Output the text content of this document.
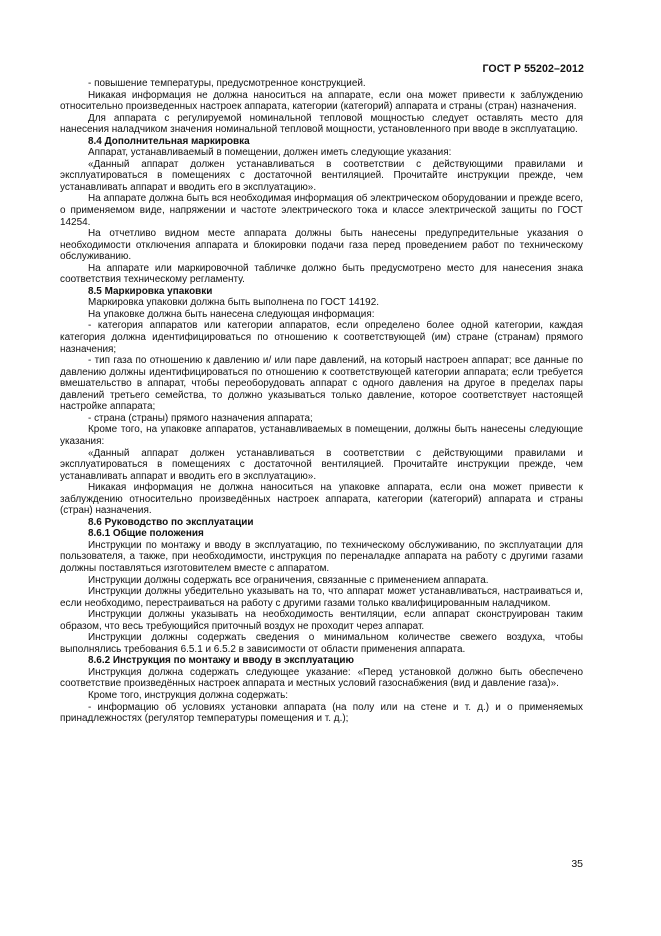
ГОСТ Р 55202–2012

- повышение температуры, предусмотренное конструкцией.

Никакая информация не должна наноситься на аппарате, если она может привести к заблуждению относительно произведенных настроек аппарата, категории (категорий) аппарата и страны (стран) назначения.

Для аппарата с регулируемой номинальной тепловой мощностью следует оставлять место для нанесения наладчиком значения номинальной тепловой мощности, установленного при вводе в эксплуатацию.

8.4 Дополнительная маркировка

Аппарат, устанавливаемый в помещении, должен иметь следующие указания:

«Данный аппарат должен устанавливаться в соответствии с действующими правилами и эксплуатироваться в помещениях с достаточной вентиляцией. Прочитайте инструкции прежде, чем устанавливать аппарат и вводить его в эксплуатацию».

На аппарате должна быть вся необходимая информация об электрическом оборудовании и прежде всего, о применяемом виде, напряжении и частоте электрического тока и классе электрической защиты по ГОСТ 14254.

На отчетливо видном месте аппарата должны быть нанесены предупредительные указания о необходимости отключения аппарата и блокировки подачи газа перед проведением работ по техническому обслуживанию.

На аппарате или маркировочной табличке должно быть предусмотрено место для нанесения знака соответствия техническому регламенту.

8.5 Маркировка упаковки

Маркировка упаковки должна быть выполнена по ГОСТ 14192.

На упаковке должна быть нанесена следующая информация:

- категория аппаратов или категории аппаратов, если определено более одной категории, каждая категория должна идентифицироваться по отношению к соответствующей (им) стране (странам) прямого назначения;

- тип газа по отношению к давлению и/ или паре давлений, на который настроен аппарат; все данные по давлению должны идентифицироваться по отношению к соответствующей категории аппарата; если требуется вмешательство в аппарат, чтобы переоборудовать аппарат с одного давления на другое в пределах пары давлений третьего семейства, то должно указываться только давление, которое соответствует настоящей настройке аппарата;

- страна (страны) прямого назначения аппарата;

Кроме того, на упаковке аппаратов, устанавливаемых в помещении, должны быть нанесены следующие указания:

«Данный аппарат должен устанавливаться в соответствии с действующими правилами и эксплуатироваться в помещениях с достаточной вентиляцией. Прочитайте инструкции прежде, чем устанавливать аппарат и вводить его в эксплуатацию».

Никакая информация не должна наноситься на упаковке аппарата, если она может привести к заблуждению относительно произведённых настроек аппарата, категории (категорий) аппарата и страны (стран) назначения.

8.6 Руководство по эксплуатации

8.6.1 Общие положения

Инструкции по монтажу и вводу в эксплуатацию, по техническому обслуживанию, по эксплуатации для пользователя, а также, при необходимости, инструкция по переналадке аппарата на работу с другими газами должны поставляться изготовителем вместе с аппаратом.

Инструкции должны содержать все ограничения, связанные с применением аппарата.

Инструкции должны убедительно указывать на то, что аппарат может устанавливаться, настраиваться и, если необходимо, перестраиваться на работу с другими газами только квалифицированным наладчиком.

Инструкции должны указывать на необходимость вентиляции, если аппарат сконструирован таким образом, что весь требующийся приточный воздух не проходит через аппарат.

Инструкции должны содержать сведения о минимальном количестве свежего воздуха, чтобы выполнялись требования 6.5.1 и 6.5.2 в зависимости от области применения аппарата.

8.6.2 Инструкция по монтажу и вводу в эксплуатацию

Инструкция должна содержать следующее указание: «Перед установкой должно быть обеспечено соответствие произведённых настроек аппарата и местных условий газоснабжения (вид и давление газа)».

Кроме того, инструкция должна содержать:

- информацию об условиях установки аппарата (на полу или на стене и т. д.) и о применяемых принадлежностях (регулятор температуры помещения и т. д.);

35
